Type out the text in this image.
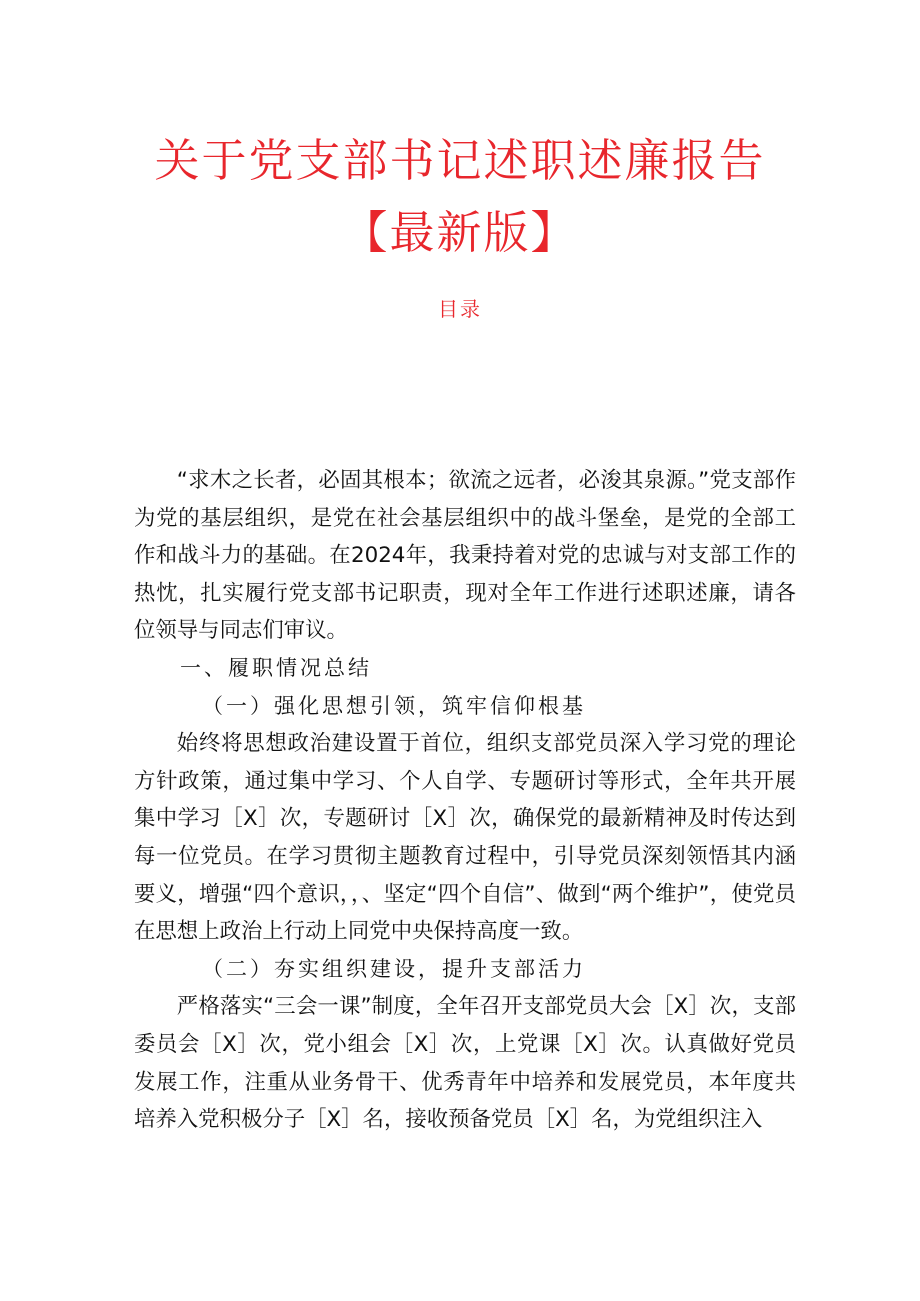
关于党支部书记述职述廉报告
【最新版】
目录

“求木之长者，必固其根本；欲流之远者，必浚其泉源。”党支部作为党的基层组织，是党在社会基层组织中的战斗堡垒，是党的全部工作和战斗力的基础。在2024年，我秉持着对党的忠诚与对支部工作的热忱，扎实履行党支部书记职责，现对全年工作进行述职述廉，请各位领导与同志们审议。

一、履职情况总结

（一）强化思想引领，筑牢信仰根基

始终将思想政治建设置于首位，组织支部党员深入学习党的理论方针政策，通过集中学习、个人自学、专题研讨等形式，全年共开展集中学习［X］次，专题研讨［X］次，确保党的最新精神及时传达到每一位党员。在学习贯彻主题教育过程中，引导党员深刻领悟其内涵要义，增强“四个意识，，、坚定“四个自信”、做到“两个维护”，使党员在思想上政治上行动上同党中央保持高度一致。

（二）夯实组织建设，提升支部活力

严格落实“三会一课”制度，全年召开支部党员大会［X］次，支部委员会［X］次，党小组会［X］次，上党课［X］次。认真做好党员发展工作，注重从业务骨干、优秀青年中培养和发展党员，本年度共培养入党积极分子［X］名，接收预备党员［X］名，为党组织注入
